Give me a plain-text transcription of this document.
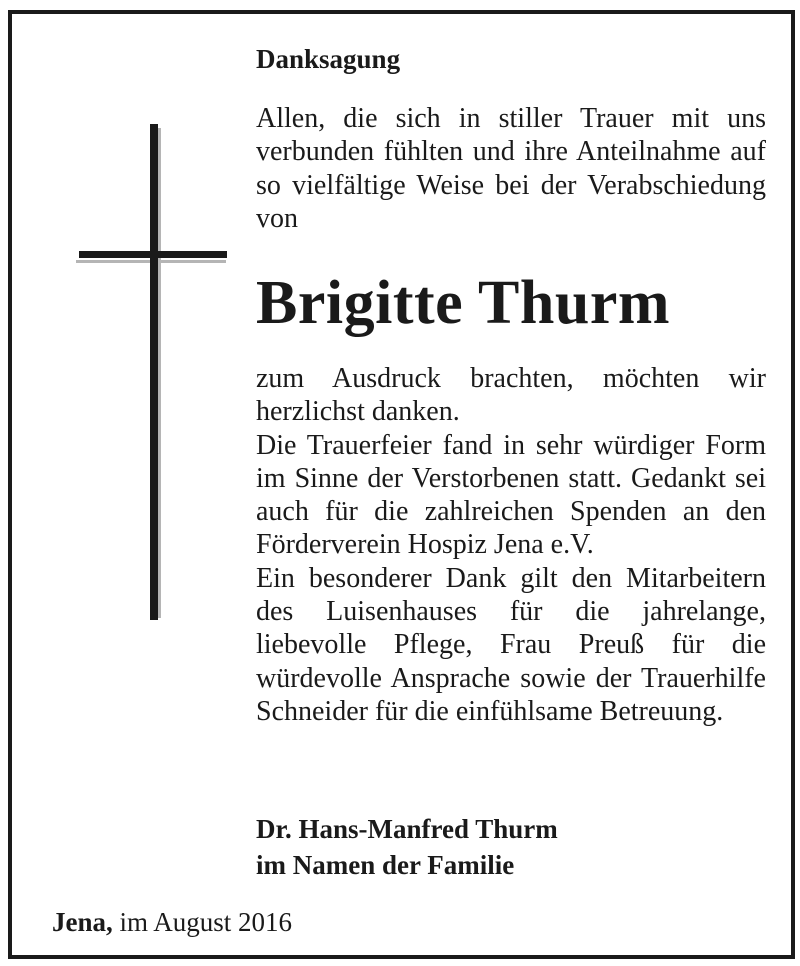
Danksagung
Allen, die sich in stiller Trauer mit uns verbunden fühlten und ihre Anteilnahme auf so vielfältige Weise bei der Verabschiedung von
Brigitte Thurm

zum Ausdruck brachten, möchten wir herzlichst danken.

Die Trauerfeier fand in sehr würdiger Form im Sinne der Verstorbenen statt. Gedankt sei auch für die zahlreichen Spenden an den Förderverein Hospiz Jena e.V.

Ein besonderer Dank gilt den Mitarbeitern des Luisenhauses für die jahrelange, liebevolle Pflege, Frau Preuß für die würdevolle Ansprache sowie der Trauerhilfe Schneider für die einfühlsame Betreuung.

Dr. Hans-Manfred Thurm
im Namen der Familie
Jena, im August 2016
